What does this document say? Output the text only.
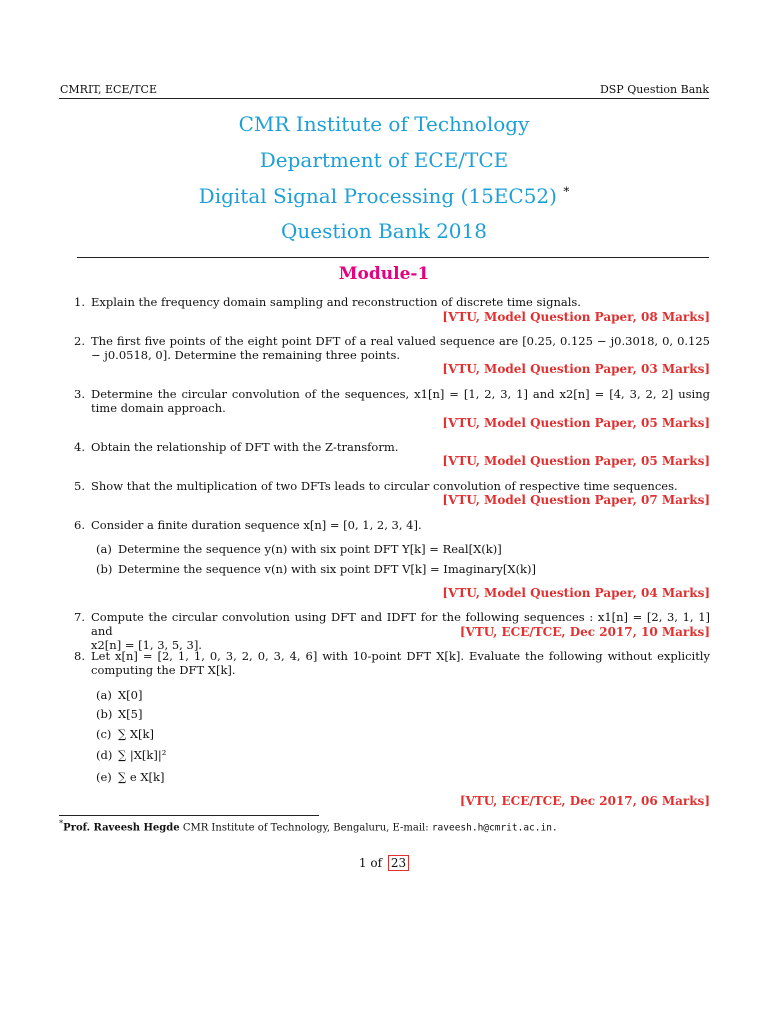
CMRIT, ECE/TCE	DSP Question Bank
CMR Institute of Technology
Department of ECE/TCE
Digital Signal Processing (15EC52) *
Question Bank 2018
Module-1
1. Explain the frequency domain sampling and reconstruction of discrete time signals.
[VTU, Model Question Paper, 08 Marks]
2. The first five points of the eight point DFT of a real valued sequence are [0.25, 0.125 − j0.3018, 0, 0.125 − j0.0518, 0]. Determine the remaining three points.
[VTU, Model Question Paper, 03 Marks]
3. Determine the circular convolution of the sequences, x1[n] = [1, 2, 3, 1] and x2[n] = [4, 3, 2, 2] using time domain approach.
[VTU, Model Question Paper, 05 Marks]
4. Obtain the relationship of DFT with the Z-transform.
[VTU, Model Question Paper, 05 Marks]
5. Show that the multiplication of two DFTs leads to circular convolution of respective time sequences.
[VTU, Model Question Paper, 07 Marks]
6. Consider a finite duration sequence x[n] = [0, 1, 2, 3, 4].
(a) Determine the sequence y(n) with six point DFT Y[k] = Real[X(k)]
(b) Determine the sequence v(n) with six point DFT V[k] = Imaginary[X(k)]
[VTU, Model Question Paper, 04 Marks]
7. Compute the circular convolution using DFT and IDFT for the following sequences : x1[n] = [2, 3, 1, 1] and
x2[n] = [1, 3, 5, 3].
[VTU, ECE/TCE, Dec 2017, 10 Marks]
8. Let x[n] = [2, 1, 1, 0, 3, 2, 0, 3, 4, 6] with 10-point DFT X[k]. Evaluate the following without explicitly computing the DFT X[k].
(a) X[0]
(b) X[5]
(c) ∑ X[k]
(d) ∑ |X[k]|²
(e) ∑ e X[k]
[VTU, ECE/TCE, Dec 2017, 06 Marks]
*Prof. Raveesh Hegde CMR Institute of Technology, Bengaluru, E-mail: raveesh.h@cmrit.ac.in.
1 of 23
